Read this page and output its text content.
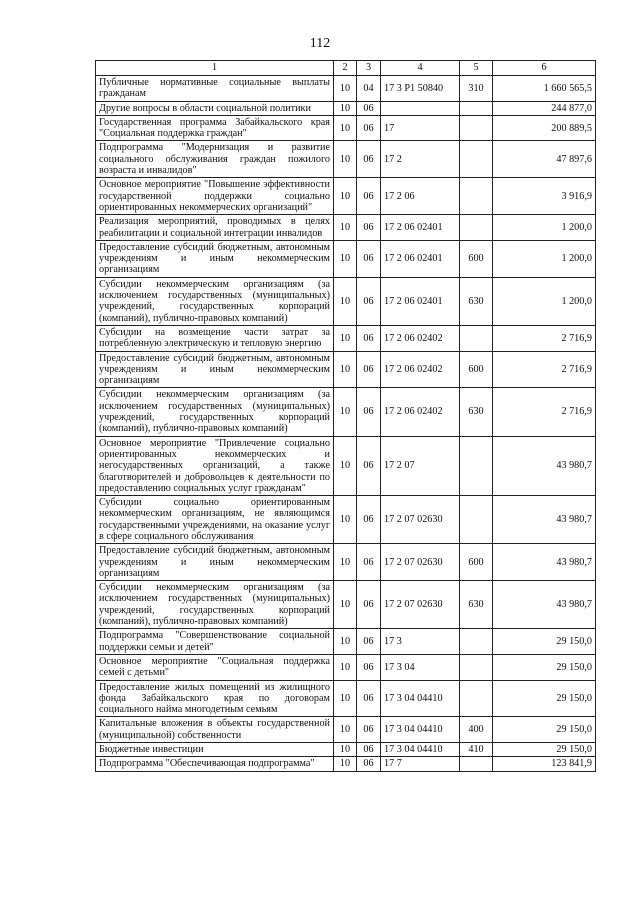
112
1	2	3	4	5	6
Публичные нормативные социальные выплаты гражданам	10	04	17 3 Р1 50840	310	1 660 565,5
Другие вопросы в области социальной политики	10	06			244 877,0
Государственная программа Забайкальского края "Социальная поддержка граждан"	10	06	17		200 889,5
Подпрограмма "Модернизация и развитие социального обслуживания граждан пожилого возраста и инвалидов"	10	06	17 2		47 897,6
Основное мероприятие "Повышение эффективности государственной поддержки социально ориентированных некоммерческих организаций"	10	06	17 2 06		3 916,9
Реализация мероприятий, проводимых в целях реабилитации и социальной интеграции инвалидов	10	06	17 2 06 02401		1 200,0
Предоставление субсидий бюджетным, автономным учреждениям и иным некоммерческим организациям	10	06	17 2 06 02401	600	1 200,0
Субсидии некоммерческим организациям (за исключением государственных (муниципальных) учреждений, государственных корпораций (компаний), публично-правовых компаний)	10	06	17 2 06 02401	630	1 200,0
Субсидии на возмещение части затрат за потребленную электрическую и тепловую энергию	10	06	17 2 06 02402		2 716,9
Предоставление субсидий бюджетным, автономным учреждениям и иным некоммерческим организациям	10	06	17 2 06 02402	600	2 716,9
Субсидии некоммерческим организациям (за исключением государственных (муниципальных) учреждений, государственных корпораций (компаний), публично-правовых компаний)	10	06	17 2 06 02402	630	2 716,9
Основное мероприятие "Привлечение социально ориентированных некоммерческих и негосударственных организаций, а также благотворителей и добровольцев к деятельности по предоставлению социальных услуг гражданам"	10	06	17 2 07		43 980,7
Субсидии социально ориентированным некоммерческим организациям, не являющимся государственными учреждениями, на оказание услуг в сфере социального обслуживания	10	06	17 2 07 02630		43 980,7
Предоставление субсидий бюджетным, автономным учреждениям и иным некоммерческим организациям	10	06	17 2 07 02630	600	43 980,7
Субсидии некоммерческим организациям (за исключением государственных (муниципальных) учреждений, государственных корпораций (компаний), публично-правовых компаний)	10	06	17 2 07 02630	630	43 980,7
Подпрограмма "Совершенствование социальной поддержки семьи и детей"	10	06	17 3		29 150,0
Основное мероприятие "Социальная поддержка семей с детьми"	10	06	17 3 04		29 150,0
Предоставление жилых помещений из жилищного фонда Забайкальского края по договорам социального найма многодетным семьям	10	06	17 3 04 04410		29 150,0
Капитальные вложения в объекты государственной (муниципальной) собственности	10	06	17 3 04 04410	400	29 150,0
Бюджетные инвестиции	10	06	17 3 04 04410	410	29 150,0
Подпрограмма "Обеспечивающая подпрограмма"	10	06	17 7		123 841,9
